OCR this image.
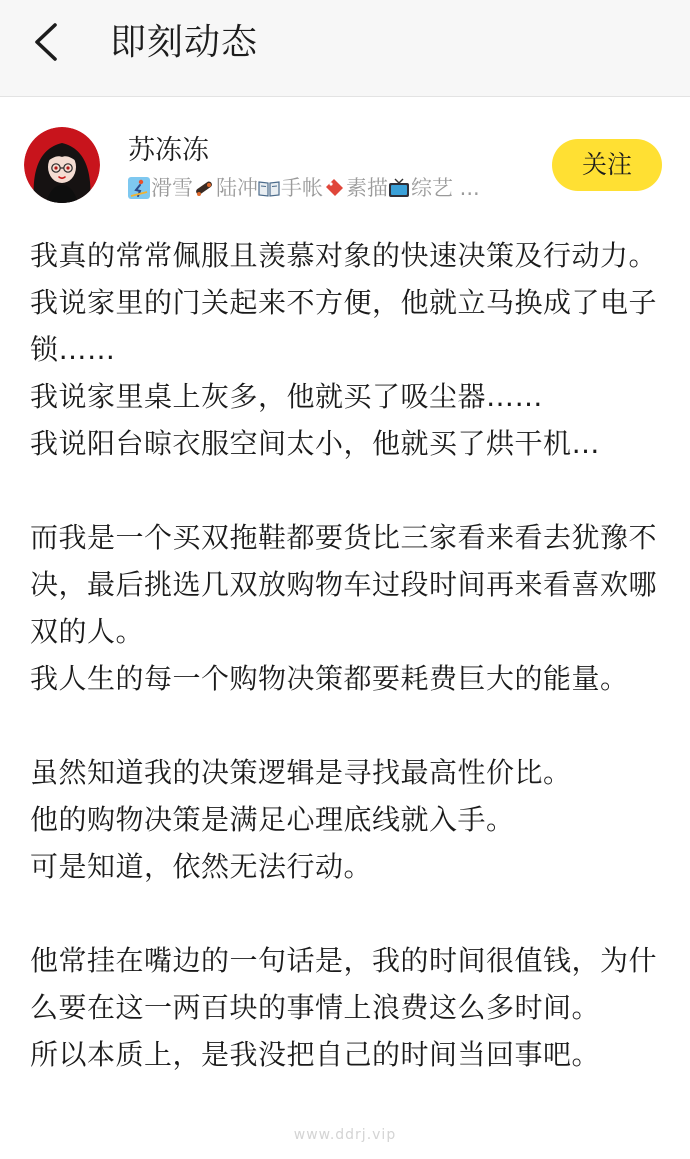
即刻动态
苏冻冻
滑雪 陆冲 手帐 素描 综艺 ...
关注

我真的常常佩服且羡慕对象的快速决策及行动力。

我说家里的门关起来不方便，他就立马换成了电子锁……

我说家里桌上灰多，他就买了吸尘器……

我说阳台晾衣服空间太小，他就买了烘干机…

而我是一个买双拖鞋都要货比三家看来看去犹豫不决，最后挑选几双放购物车过段时间再来看喜欢哪双的人。

我人生的每一个购物决策都要耗费巨大的能量。

虽然知道我的决策逻辑是寻找最高性价比。

他的购物决策是满足心理底线就入手。

可是知道，依然无法行动。

他常挂在嘴边的一句话是，我的时间很值钱，为什么要在这一两百块的事情上浪费这么多时间。

所以本质上，是我没把自己的时间当回事吧。

www.ddrj.vip
